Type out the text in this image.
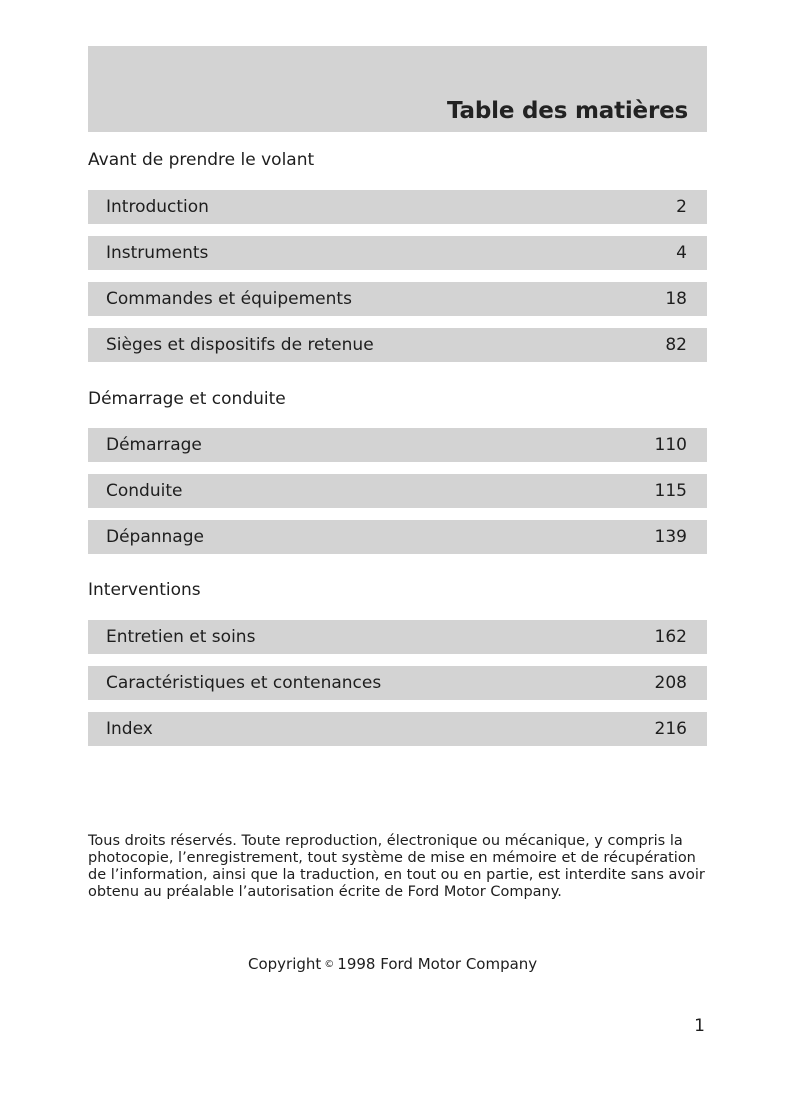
Table des matières
Avant de prendre le volant
Introduction	2
Instruments	4
Commandes et équipements	18
Sièges et dispositifs de retenue	82
Démarrage et conduite
Démarrage	110
Conduite	115
Dépannage	139
Interventions
Entretien et soins	162
Caractéristiques et contenances	208
Index	216

Tous droits réservés. Toute reproduction, électronique ou mécanique, y compris la photocopie, l’enregistrement, tout système de mise en mémoire et de récupération de l’information, ainsi que la traduction, en tout ou en partie, est interdite sans avoir obtenu au préalable l’autorisation écrite de Ford Motor Company.

Copyright © 1998 Ford Motor Company
1
